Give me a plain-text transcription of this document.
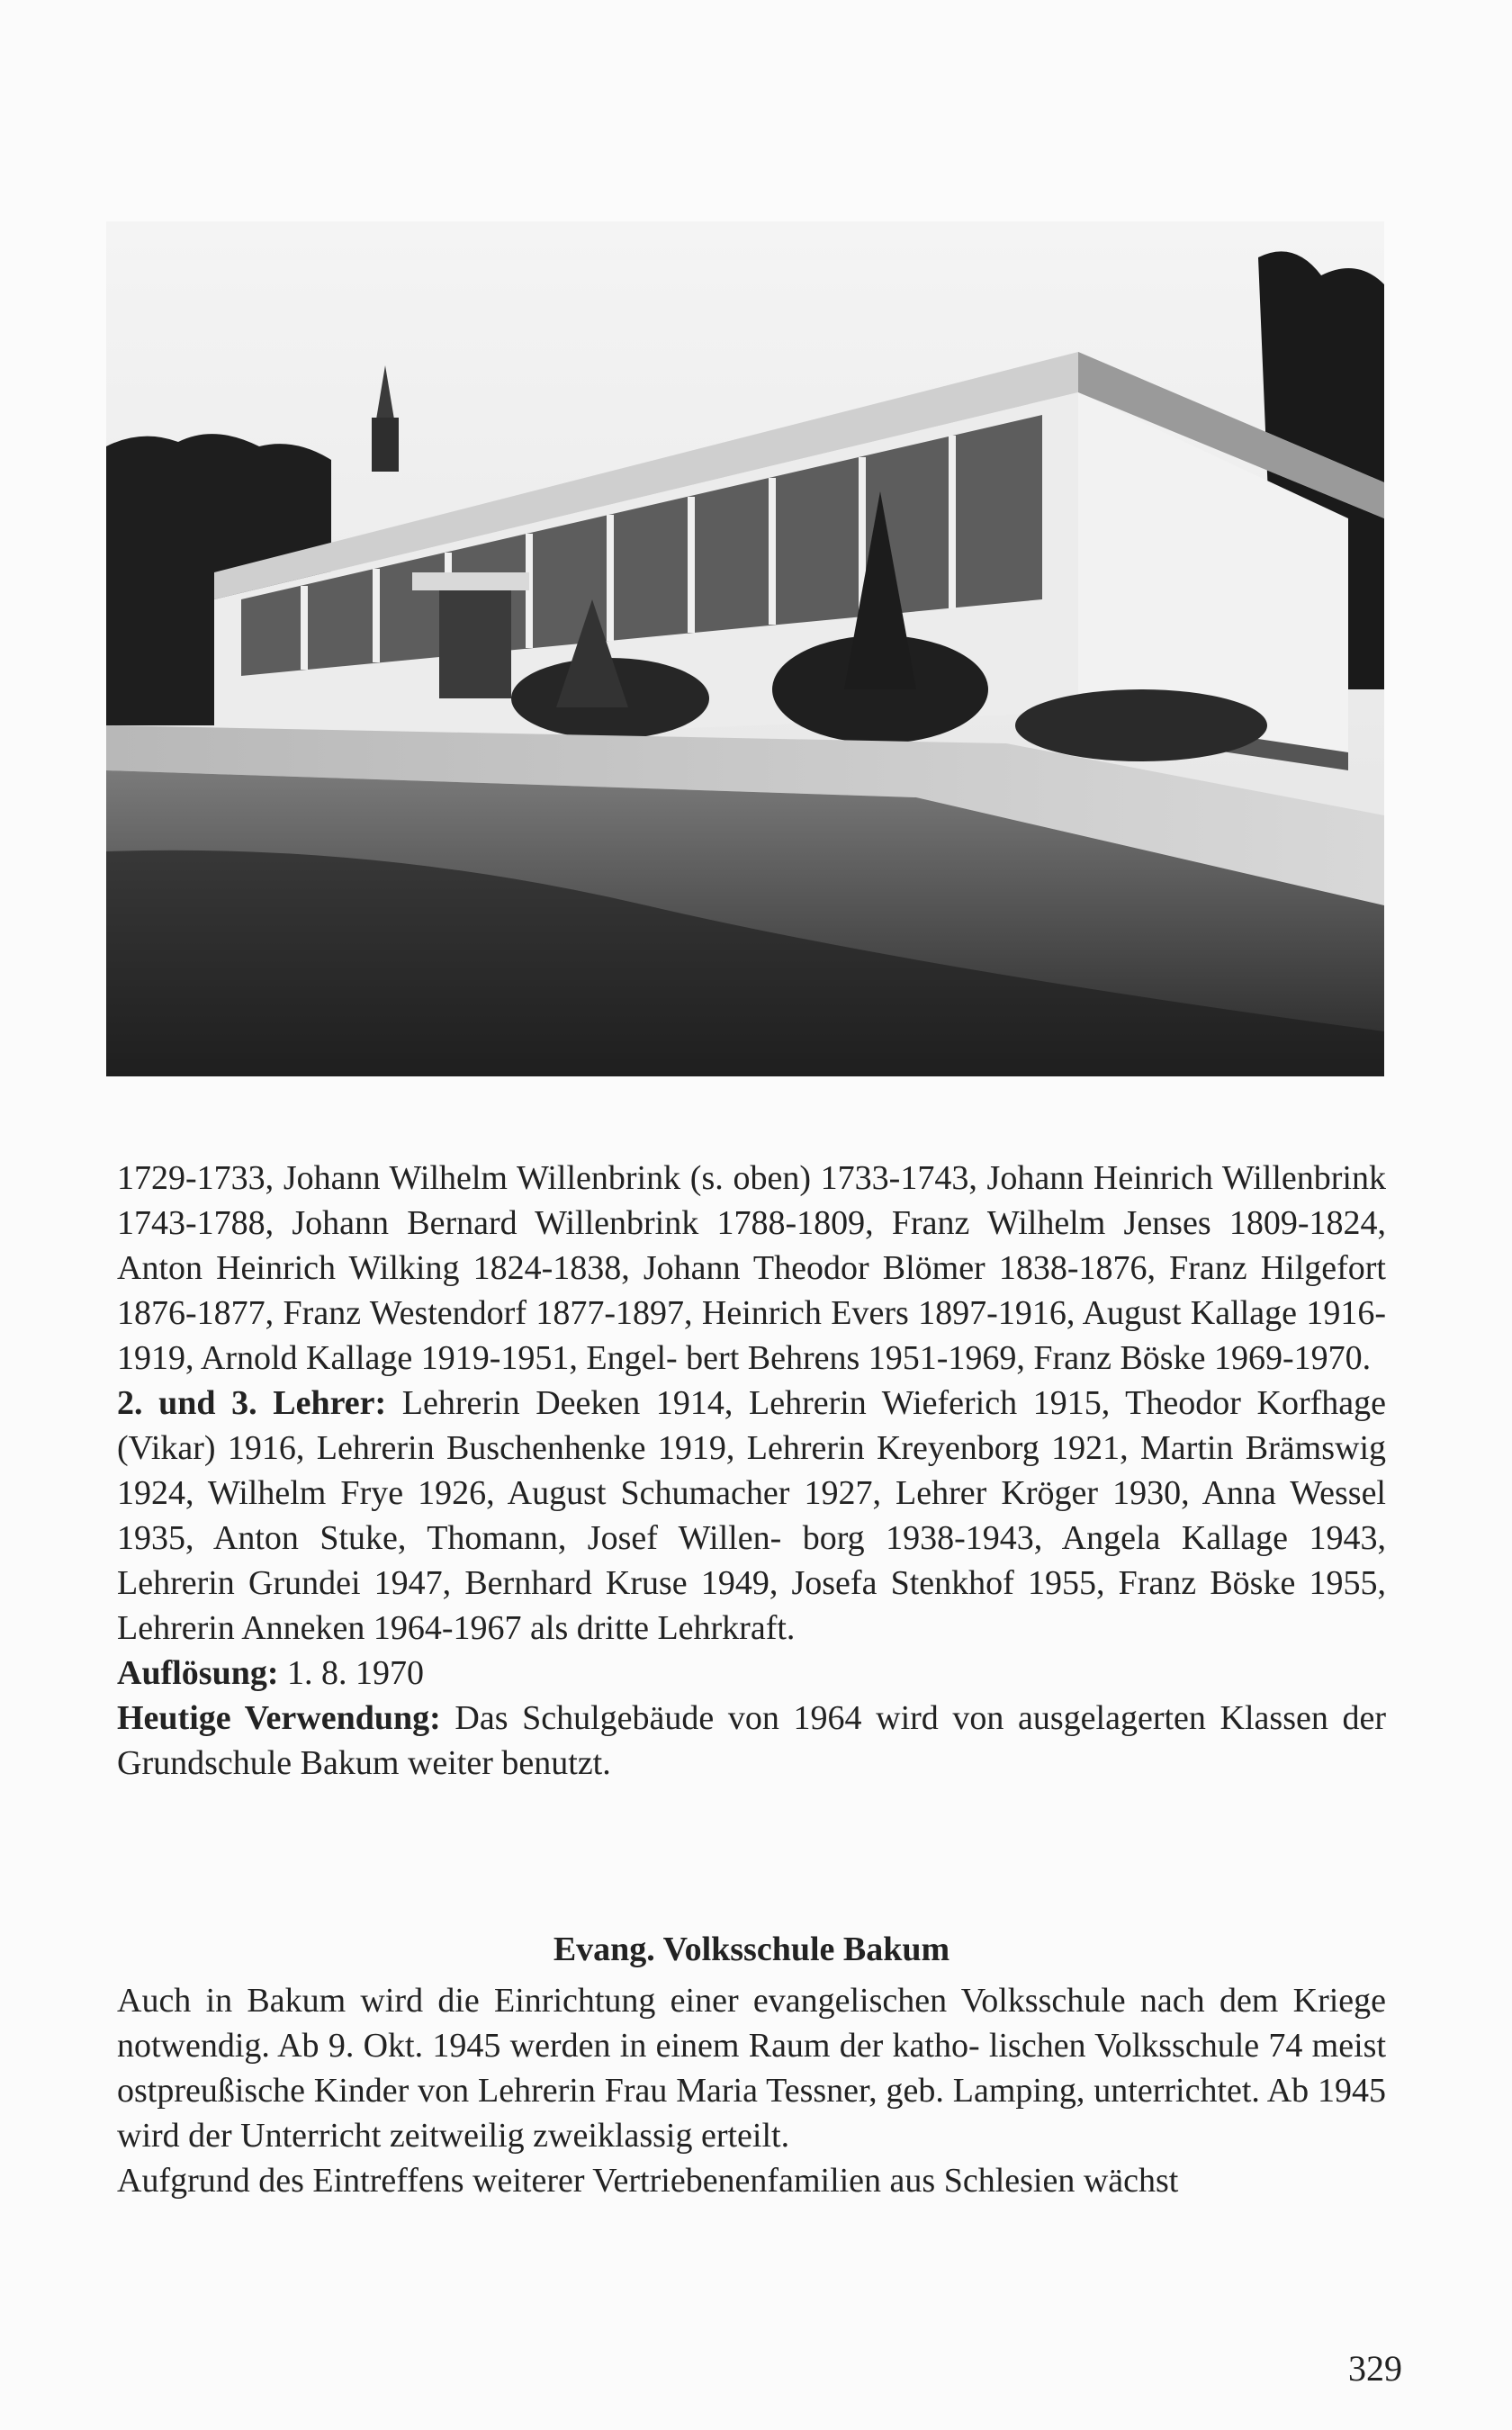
1729-1733, Johann Wilhelm Willenbrink (s. oben) 1733-1743, Johann Heinrich Willenbrink 1743-1788, Johann Bernard Willenbrink 1788-1809, Franz Wilhelm Jenses 1809-1824, Anton Heinrich Wilking 1824-1838, Johann Theodor Blömer 1838-1876, Franz Hilgefort 1876-1877, Franz Westendorf 1877-1897, Heinrich Evers 1897-1916, August Kallage 1916-1919, Arnold Kallage 1919-1951, Engel- bert Behrens 1951-1969, Franz Böske 1969-1970.

2. und 3. Lehrer: Lehrerin Deeken 1914, Lehrerin Wieferich 1915, Theodor Korfhage (Vikar) 1916, Lehrerin Buschenhenke 1919, Lehrerin Kreyenborg 1921, Martin Brämswig 1924, Wilhelm Frye 1926, August Schumacher 1927, Lehrer Kröger 1930, Anna Wessel 1935, Anton Stuke, Thomann, Josef Willen- borg 1938-1943, Angela Kallage 1943, Lehrerin Grundei 1947, Bernhard Kruse 1949, Josefa Stenkhof 1955, Franz Böske 1955, Lehrerin Anneken 1964-1967 als dritte Lehrkraft.

Auflösung: 1. 8. 1970

Heutige Verwendung: Das Schulgebäude von 1964 wird von ausgelagerten Klassen der Grundschule Bakum weiter benutzt.

Evang. Volksschule Bakum

Auch in Bakum wird die Einrichtung einer evangelischen Volksschule nach dem Kriege notwendig. Ab 9. Okt. 1945 werden in einem Raum der katho- lischen Volksschule 74 meist ostpreußische Kinder von Lehrerin Frau Maria Tessner, geb. Lamping, unterrichtet. Ab 1945 wird der Unterricht zeitweilig zweiklassig erteilt.

Aufgrund des Eintreffens weiterer Vertriebenenfamilien aus Schlesien wächst

329
